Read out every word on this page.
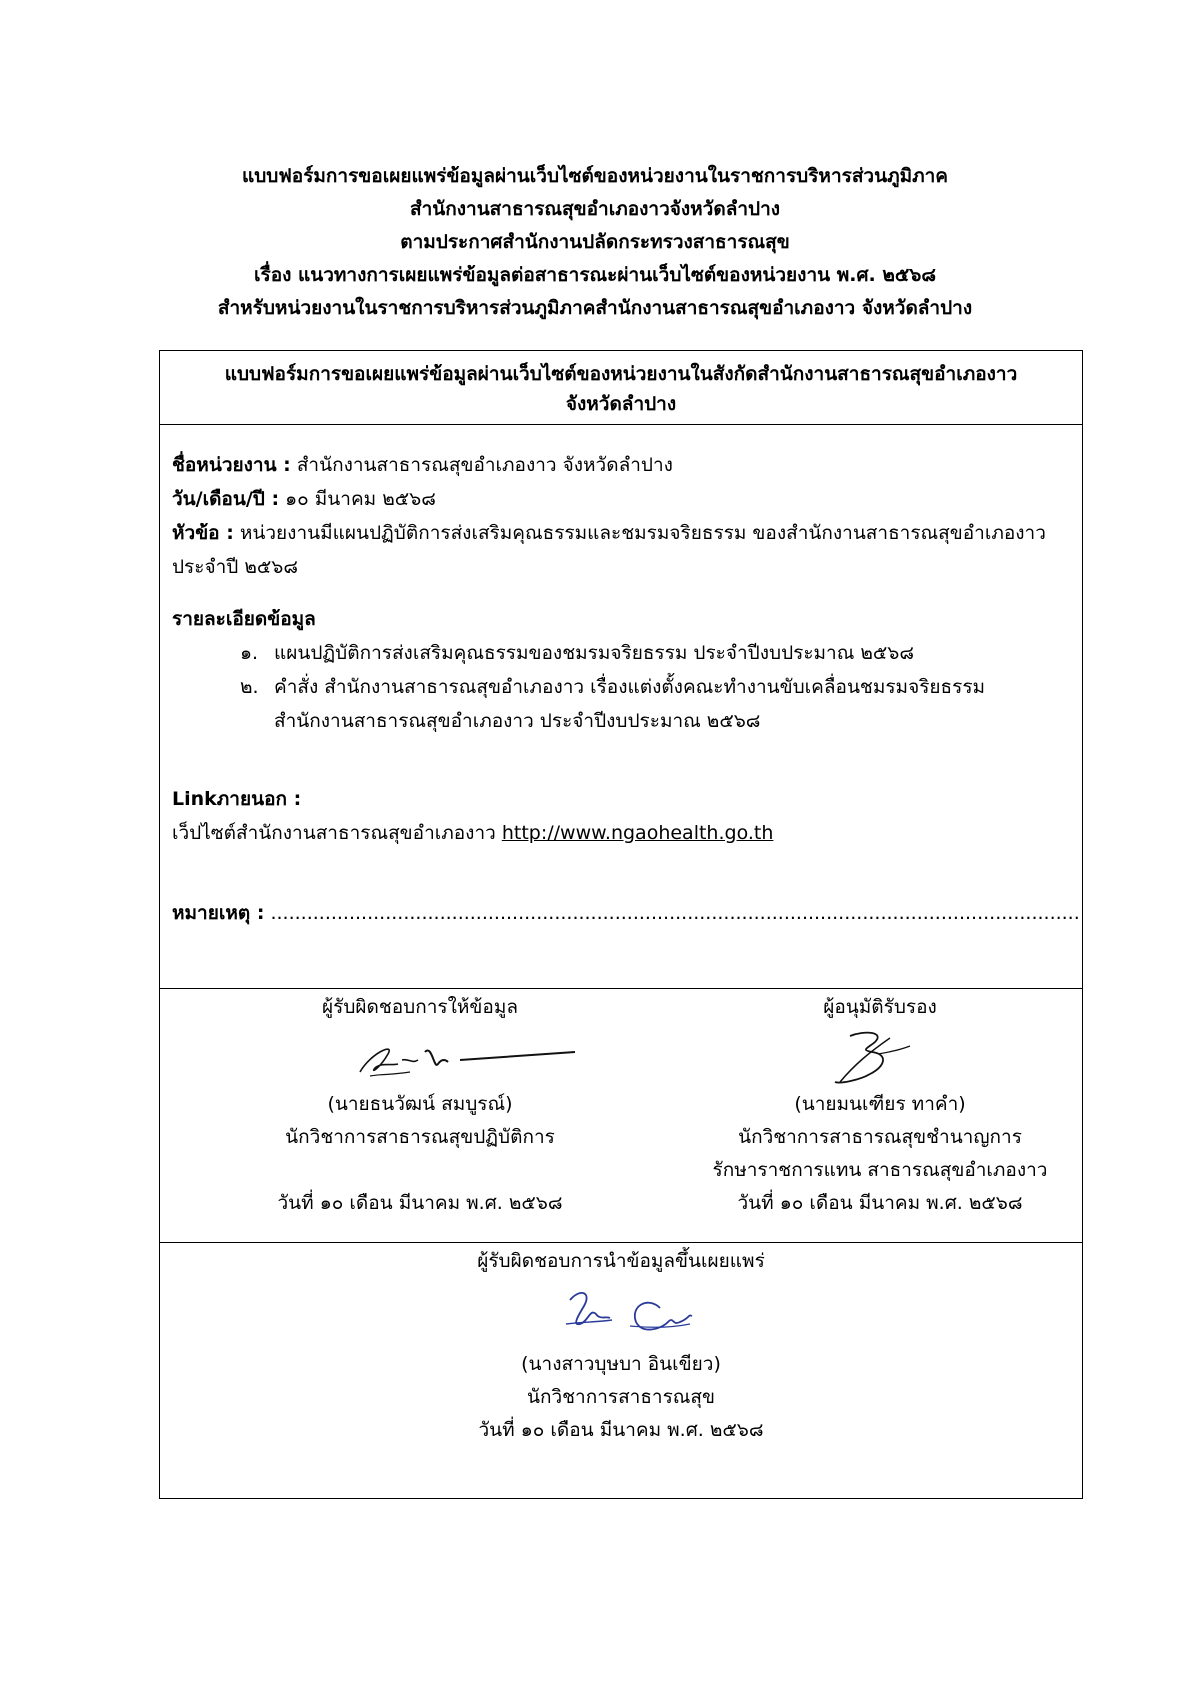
แบบฟอร์มการขอเผยแพร่ข้อมูลผ่านเว็บไซต์ของหน่วยงานในราชการบริหารส่วนภูมิภาค
สำนักงานสาธารณสุขอำเภองาวจังหวัดลำปาง
ตามประกาศสำนักงานปลัดกระทรวงสาธารณสุข
เรื่อง แนวทางการเผยแพร่ข้อมูลต่อสาธารณะผ่านเว็บไซต์ของหน่วยงาน พ.ศ. ๒๕๖๘
สำหรับหน่วยงานในราชการบริหารส่วนภูมิภาคสำนักงานสาธารณสุขอำเภองาว จังหวัดลำปาง
แบบฟอร์มการขอเผยแพร่ข้อมูลผ่านเว็บไซต์ของหน่วยงานในสังกัดสำนักงานสาธารณสุขอำเภองาว
จังหวัดลำปาง
ชื่อหน่วยงาน : สำนักงานสาธารณสุขอำเภองาว จังหวัดลำปาง
วัน/เดือน/ปี : ๑๐ มีนาคม ๒๕๖๘
หัวข้อ : หน่วยงานมีแผนปฏิบัติการส่งเสริมคุณธรรมและชมรมจริยธรรม ของสำนักงานสาธารณสุขอำเภองาว
ประจำปี ๒๕๖๘
รายละเอียดข้อมูล
๑. แผนปฏิบัติการส่งเสริมคุณธรรมของชมรมจริยธรรม ประจำปีงบประมาณ ๒๕๖๘
๒. คำสั่ง สำนักงานสาธารณสุขอำเภองาว เรื่องแต่งตั้งคณะทำงานขับเคลื่อนชมรมจริยธรรม
สำนักงานสาธารณสุขอำเภองาว ประจำปีงบประมาณ ๒๕๖๘
Linkภายนอก :
เว็ปไซต์สำนักงานสาธารณสุขอำเภองาว http://www.ngaohealth.go.th
หมายเหตุ : ......................................................................................................................................
ผู้รับผิดชอบการให้ข้อมูล
(นายธนวัฒน์ สมบูรณ์)
นักวิชาการสาธารณสุขปฏิบัติการ
วันที่ ๑๐ เดือน มีนาคม พ.ศ. ๒๕๖๘
ผู้อนุมัติรับรอง
(นายมนเฑียร ทาคำ)
นักวิชาการสาธารณสุขชำนาญการ
รักษาราชการแทน สาธารณสุขอำเภองาว
วันที่ ๑๐ เดือน มีนาคม พ.ศ. ๒๕๖๘
ผู้รับผิดชอบการนำข้อมูลขึ้นเผยแพร่
(นางสาวบุษบา อินเขียว)
นักวิชาการสาธารณสุข
วันที่ ๑๐ เดือน มีนาคม พ.ศ. ๒๕๖๘
